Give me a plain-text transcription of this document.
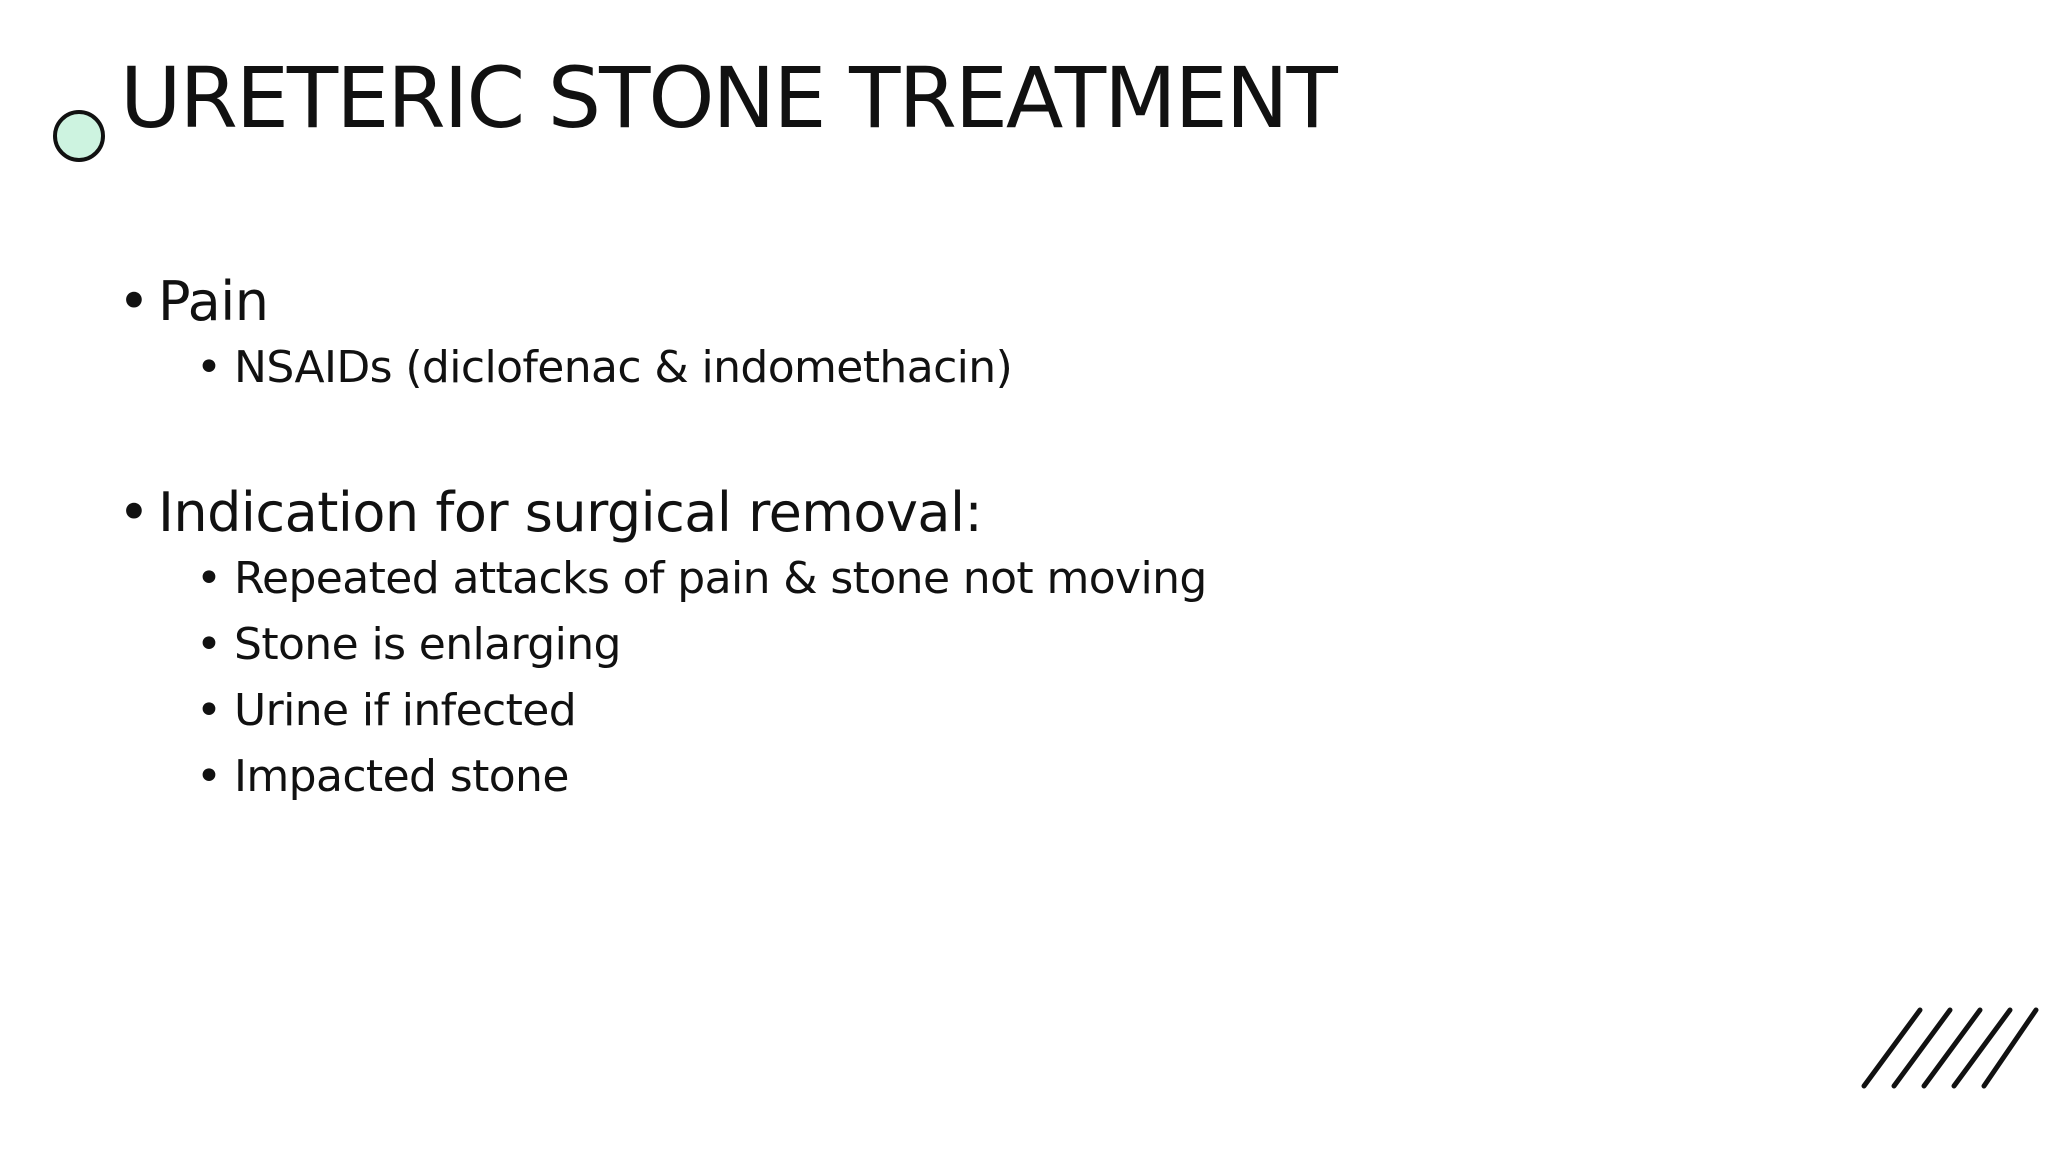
URETERIC STONE TREATMENT
• Pain
• NSAIDs (diclofenac & indomethacin)
• Indication for surgical removal:
• Repeated attacks of pain & stone not moving
• Stone is enlarging
• Urine if infected
• Impacted stone
